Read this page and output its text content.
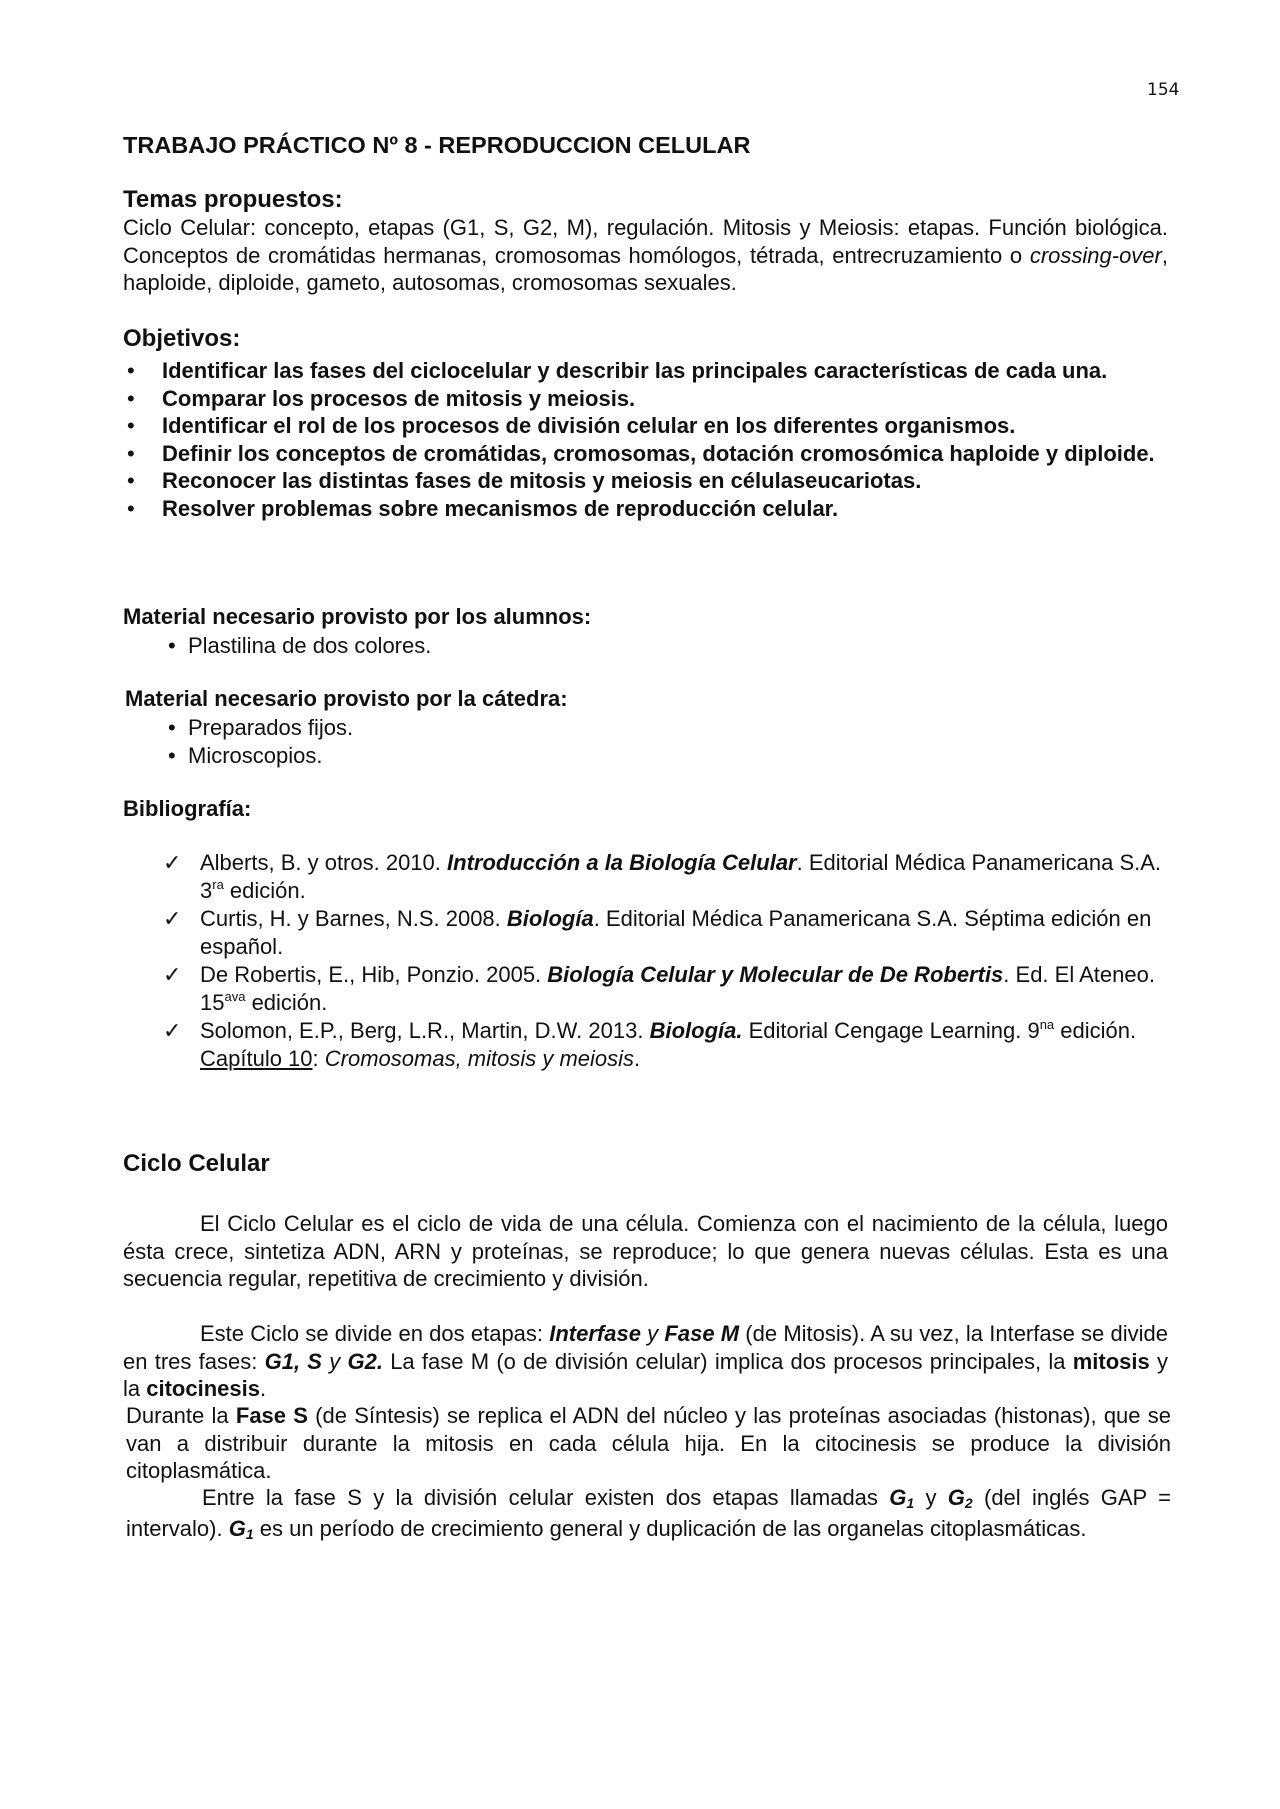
154
TRABAJO PRÁCTICO Nº 8 - REPRODUCCION CELULAR
Temas propuestos:

Ciclo Celular: concepto, etapas (G1, S, G2, M), regulación. Mitosis y Meiosis: etapas. Función biológica. Conceptos de cromátidas hermanas, cromosomas homólogos, tétrada, entrecruzamiento o crossing-over, haploide, diploide, gameto, autosomas, cromosomas sexuales.

Objetivos:
• Identificar las fases del ciclocelular y describir las principales características de cada una.
• Comparar los procesos de mitosis y meiosis.
• Identificar el rol de los procesos de división celular en los diferentes organismos.
• Definir los conceptos de cromátidas, cromosomas, dotación cromosómica haploide y diploide.
• Reconocer las distintas fases de mitosis y meiosis en célulaseucariotas.
• Resolver problemas sobre mecanismos de reproducción celular.
Material necesario provisto por los alumnos:
• Plastilina de dos colores.
Material necesario provisto por la cátedra:
• Preparados fijos.
• Microscopios.
Bibliografía:
✓ Alberts, B. y otros. 2010. Introducción a la Biología Celular. Editorial Médica Panamericana S.A. $3^{ra}$ edición.
✓ Curtis, H. y Barnes, N.S. 2008. Biología. Editorial Médica Panamericana S.A. Séptima edición en español.
✓ De Robertis, E., Hib, Ponzio. 2005. Biología Celular y Molecular de De Robertis. Ed. El Ateneo. $15^{ava}$ edición.
✓ Solomon, E.P., Berg, L.R., Martin, D.W. 2013. Biología. Editorial Cengage Learning. $9^{na}$ edición. Capítulo 10: Cromosomas, mitosis y meiosis.
Ciclo Celular

El Ciclo Celular es el ciclo de vida de una célula. Comienza con el nacimiento de la célula, luego ésta crece, sintetiza ADN, ARN y proteínas, se reproduce; lo que genera nuevas células. Esta es una secuencia regular, repetitiva de crecimiento y división.

Este Ciclo se divide en dos etapas: Interfase y Fase M (de Mitosis). A su vez, la Interfase se divide en tres fases: G1, S y G2. La fase M (o de división celular) implica dos procesos principales, la mitosis y la citocinesis.

Durante la Fase S (de Síntesis) se replica el ADN del núcleo y las proteínas asociadas (histonas), que se van a distribuir durante la mitosis en cada célula hija. En la citocinesis se produce la división citoplasmática.

Entre la fase S y la división celular existen dos etapas llamadas G1 y G2 (del inglés GAP = intervalo). G1 es un período de crecimiento general y duplicación de las organelas citoplasmáticas.
